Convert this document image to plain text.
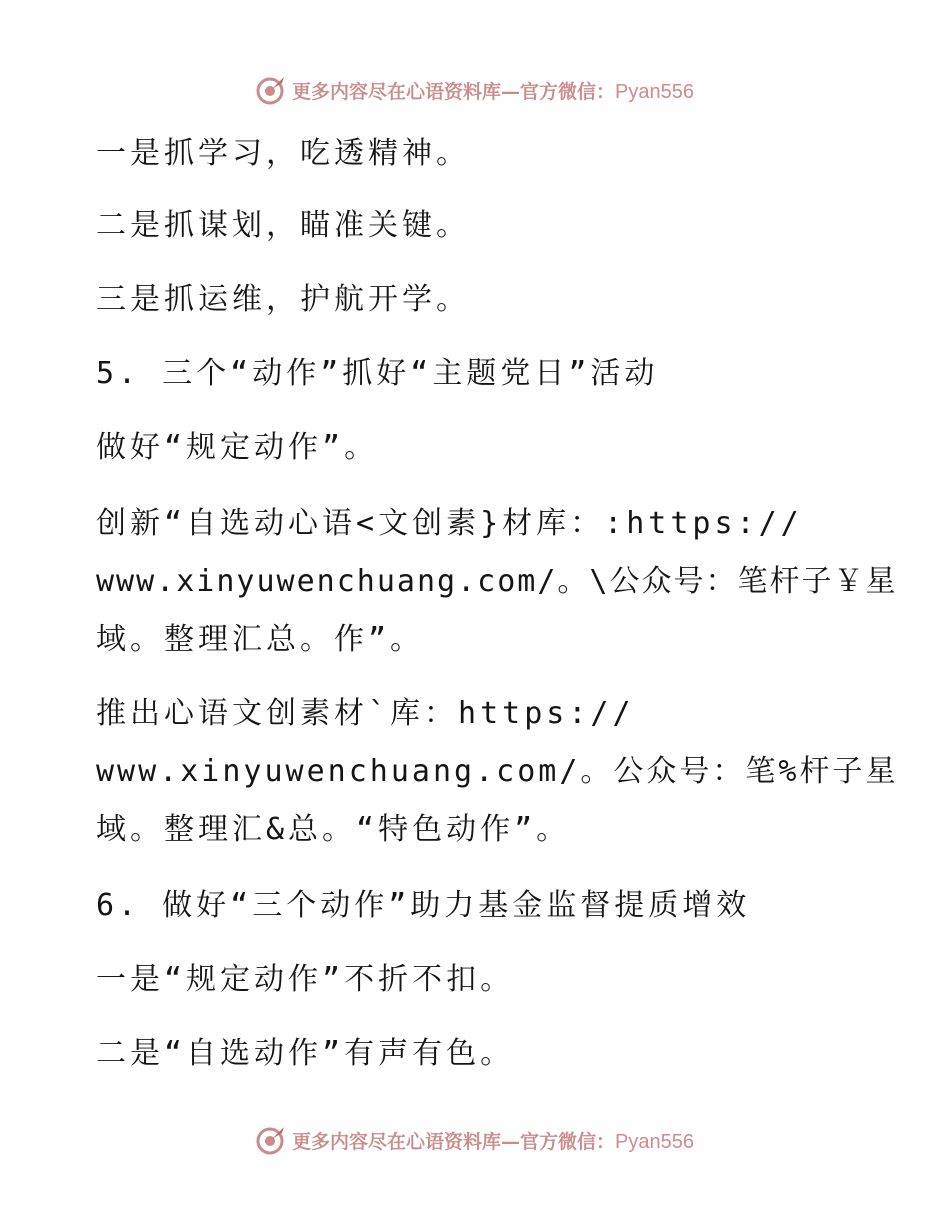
更多内容尽在心语资料库—官方微信：Pyan556
一是抓学习，吃透精神。
二是抓谋划，瞄准关键。
三是抓运维，护航开学。
5. 三个“动作”抓好“主题党日”活动
做好“规定动作”。
创新“自选动心语<文创素}材库：:https://
www.xinyuwenchuang.com/。\公众号：笔杆子￥星
域。整理汇总。作”。
推出心语文创素材`库：https://
www.xinyuwenchuang.com/。公众号：笔%杆子星
域。整理汇&总。“特色动作”。
6. 做好“三个动作”助力基金监督提质增效
一是“规定动作”不折不扣。
二是“自选动作”有声有色。
更多内容尽在心语资料库—官方微信：Pyan556
